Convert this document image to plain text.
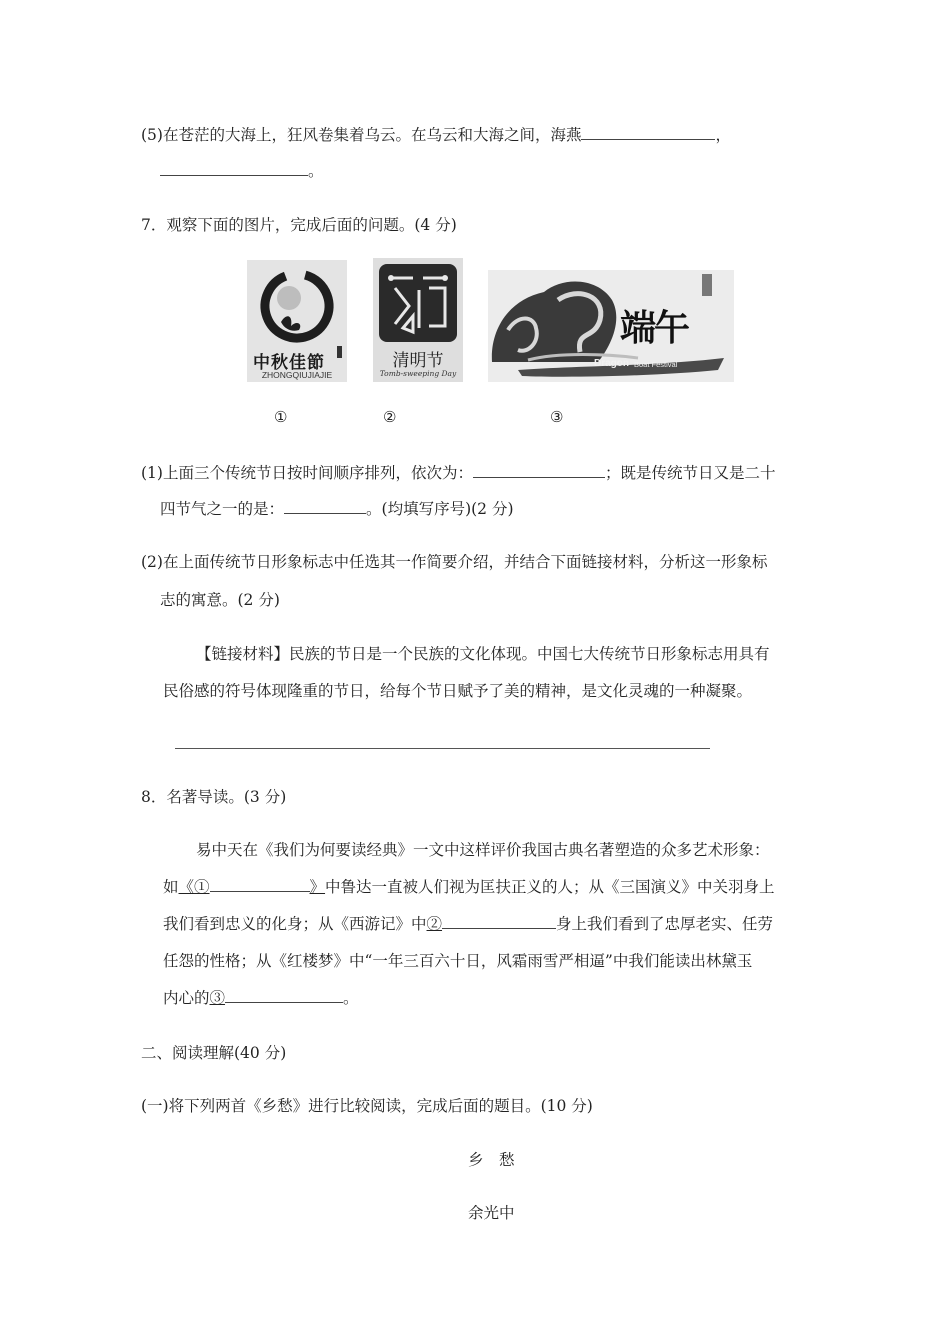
(5)在苍茫的大海上，狂风卷集着乌云。在乌云和大海之间，海燕	，
。
7．观察下面的图片，完成后面的问题。(4 分)
中秋佳節
ZHONGQIUJIAJIE
清明节
Tomb-sweeping Day
端午
Dragon Boat Festival
①	②	③
(1)上面三个传统节日按时间顺序排列，依次为：	；既是传统节日又是二十
四节气之一的是：	。(均填写序号)(2 分)
(2)在上面传统节日形象标志中任选其一作简要介绍，并结合下面链接材料，分析这一形象标
志的寓意。(2 分)
【链接材料】民族的节日是一个民族的文化体现。中国七大传统节日形象标志用具有
民俗感的符号体现隆重的节日，给每个节日赋予了美的精神，是文化灵魂的一种凝聚。
8．名著导读。(3 分)
易中天在《我们为何要读经典》一文中这样评价我国古典名著塑造的众多艺术形象：
如《①	》中鲁达一直被人们视为匡扶正义的人；从《三国演义》中关羽身上
我们看到忠义的化身；从《西游记》中②	身上我们看到了忠厚老实、任劳
任怨的性格；从《红楼梦》中“一年三百六十日，风霜雨雪严相逼”中我们能读出林黛玉
内心的③	。
二、阅读理解(40 分)
(一)将下列两首《乡愁》进行比较阅读，完成后面的题目。(10 分)
乡　愁
余光中
